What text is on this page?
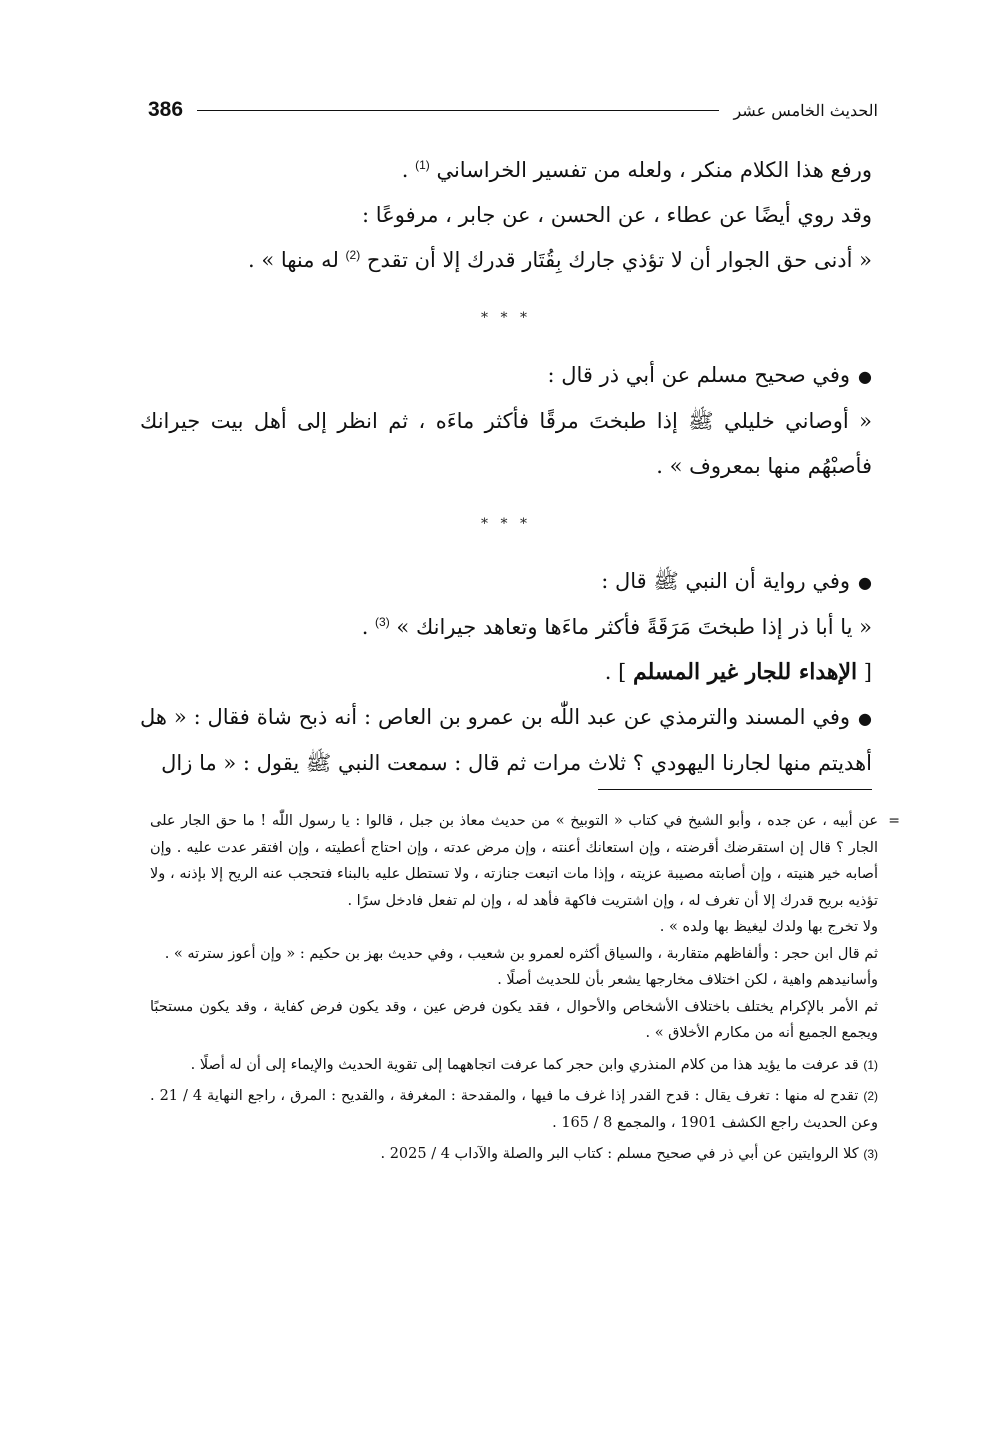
386	الحديث الخامس عشر

ورفع هذا الكلام منكر ، ولعله من تفسير الخراساني $^{(1)}$ .

وقد روي أيضًا عن عطاء ، عن الحسن ، عن جابر ، مرفوعًا :

« أدنى حق الجوار أن لا تؤذي جارك بِقُتَار قدرك إلا أن تقدح $^{(2)}$ له منها » .

* * *

●وفي صحيح مسلم عن أبي ذر قال :

« أوصاني خليلي ﷺ إذا طبختَ مرقًا فأكثر ماءَه ، ثم انظر إلى أهل بيت جيرانك فأصبْهُم منها بمعروف » .

* * *

●وفي رواية أن النبي ﷺ قال :

« يا أبا ذر إذا طبختَ مَرَقَةً فأكثر ماءَها وتعاهد جيرانك » $^{(3)}$ .

[ الإهداء للجار غير المسلم ] .

●وفي المسند والترمذي عن عبد اللّٰه بن عمرو بن العاص : أنه ذبح شاة فقال : « هل أهديتم منها لجارنا اليهودي ؟ ثلاث مرات ثم قال : سمعت النبي ﷺ يقول : « ما زال

=

عن أبيه ، عن جده ، وأبو الشيخ في كتاب « التوبيخ » من حديث معاذ بن جبل ، قالوا : يا رسول اللّٰه ! ما حق الجار على الجار ؟ قال إن استقرضك أقرضته ، وإن استعانك أعنته ، وإن مرض عدته ، وإن احتاج أعطيته ، وإن افتقر عدت عليه . وإن أصابه خير هنيته ، وإن أصابته مصيبة عزيته ، وإذا مات اتبعت جنازته ، ولا تستطل عليه بالبناء فتحجب عنه الريح إلا بإذنه ، ولا تؤذيه بريح قدرك إلا أن تغرف له ، وإن اشتريت فاكهة فأهد له ، وإن لم تفعل فادخل سرًا .

ولا تخرج بها ولدك ليغيظ بها ولده » .

ثم قال ابن حجر : وألفاظهم متقاربة ، والسياق أكثره لعمرو بن شعيب ، وفي حديث بهز بن حكيم : « وإن أعوز سترته » .

وأسانيدهم واهية ، لكن اختلاف مخارجها يشعر بأن للحديث أصلًا .

ثم الأمر بالإكرام يختلف باختلاف الأشخاص والأحوال ، فقد يكون فرض عين ، وقد يكون فرض كفاية ، وقد يكون مستحبًا ويجمع الجميع أنه من مكارم الأخلاق » .

(1) قد عرفت ما يؤيد هذا من كلام المنذري وابن حجر كما عرفت اتجاههما إلى تقوية الحديث والإيماء إلى أن له أصلًا .

(2) تقدح له منها : تغرف يقال : قدح القدر إذا غرف ما فيها ، والمقدحة : المغرفة ، والقديح : المرق ، راجع النهاية 4 / 21 . وعن الحديث راجع الكشف 1901 ، والمجمع 8 / 165 .

(3) كلا الروايتين عن أبي ذر في صحيح مسلم : كتاب البر والصلة والآداب 4 / 2025 .
